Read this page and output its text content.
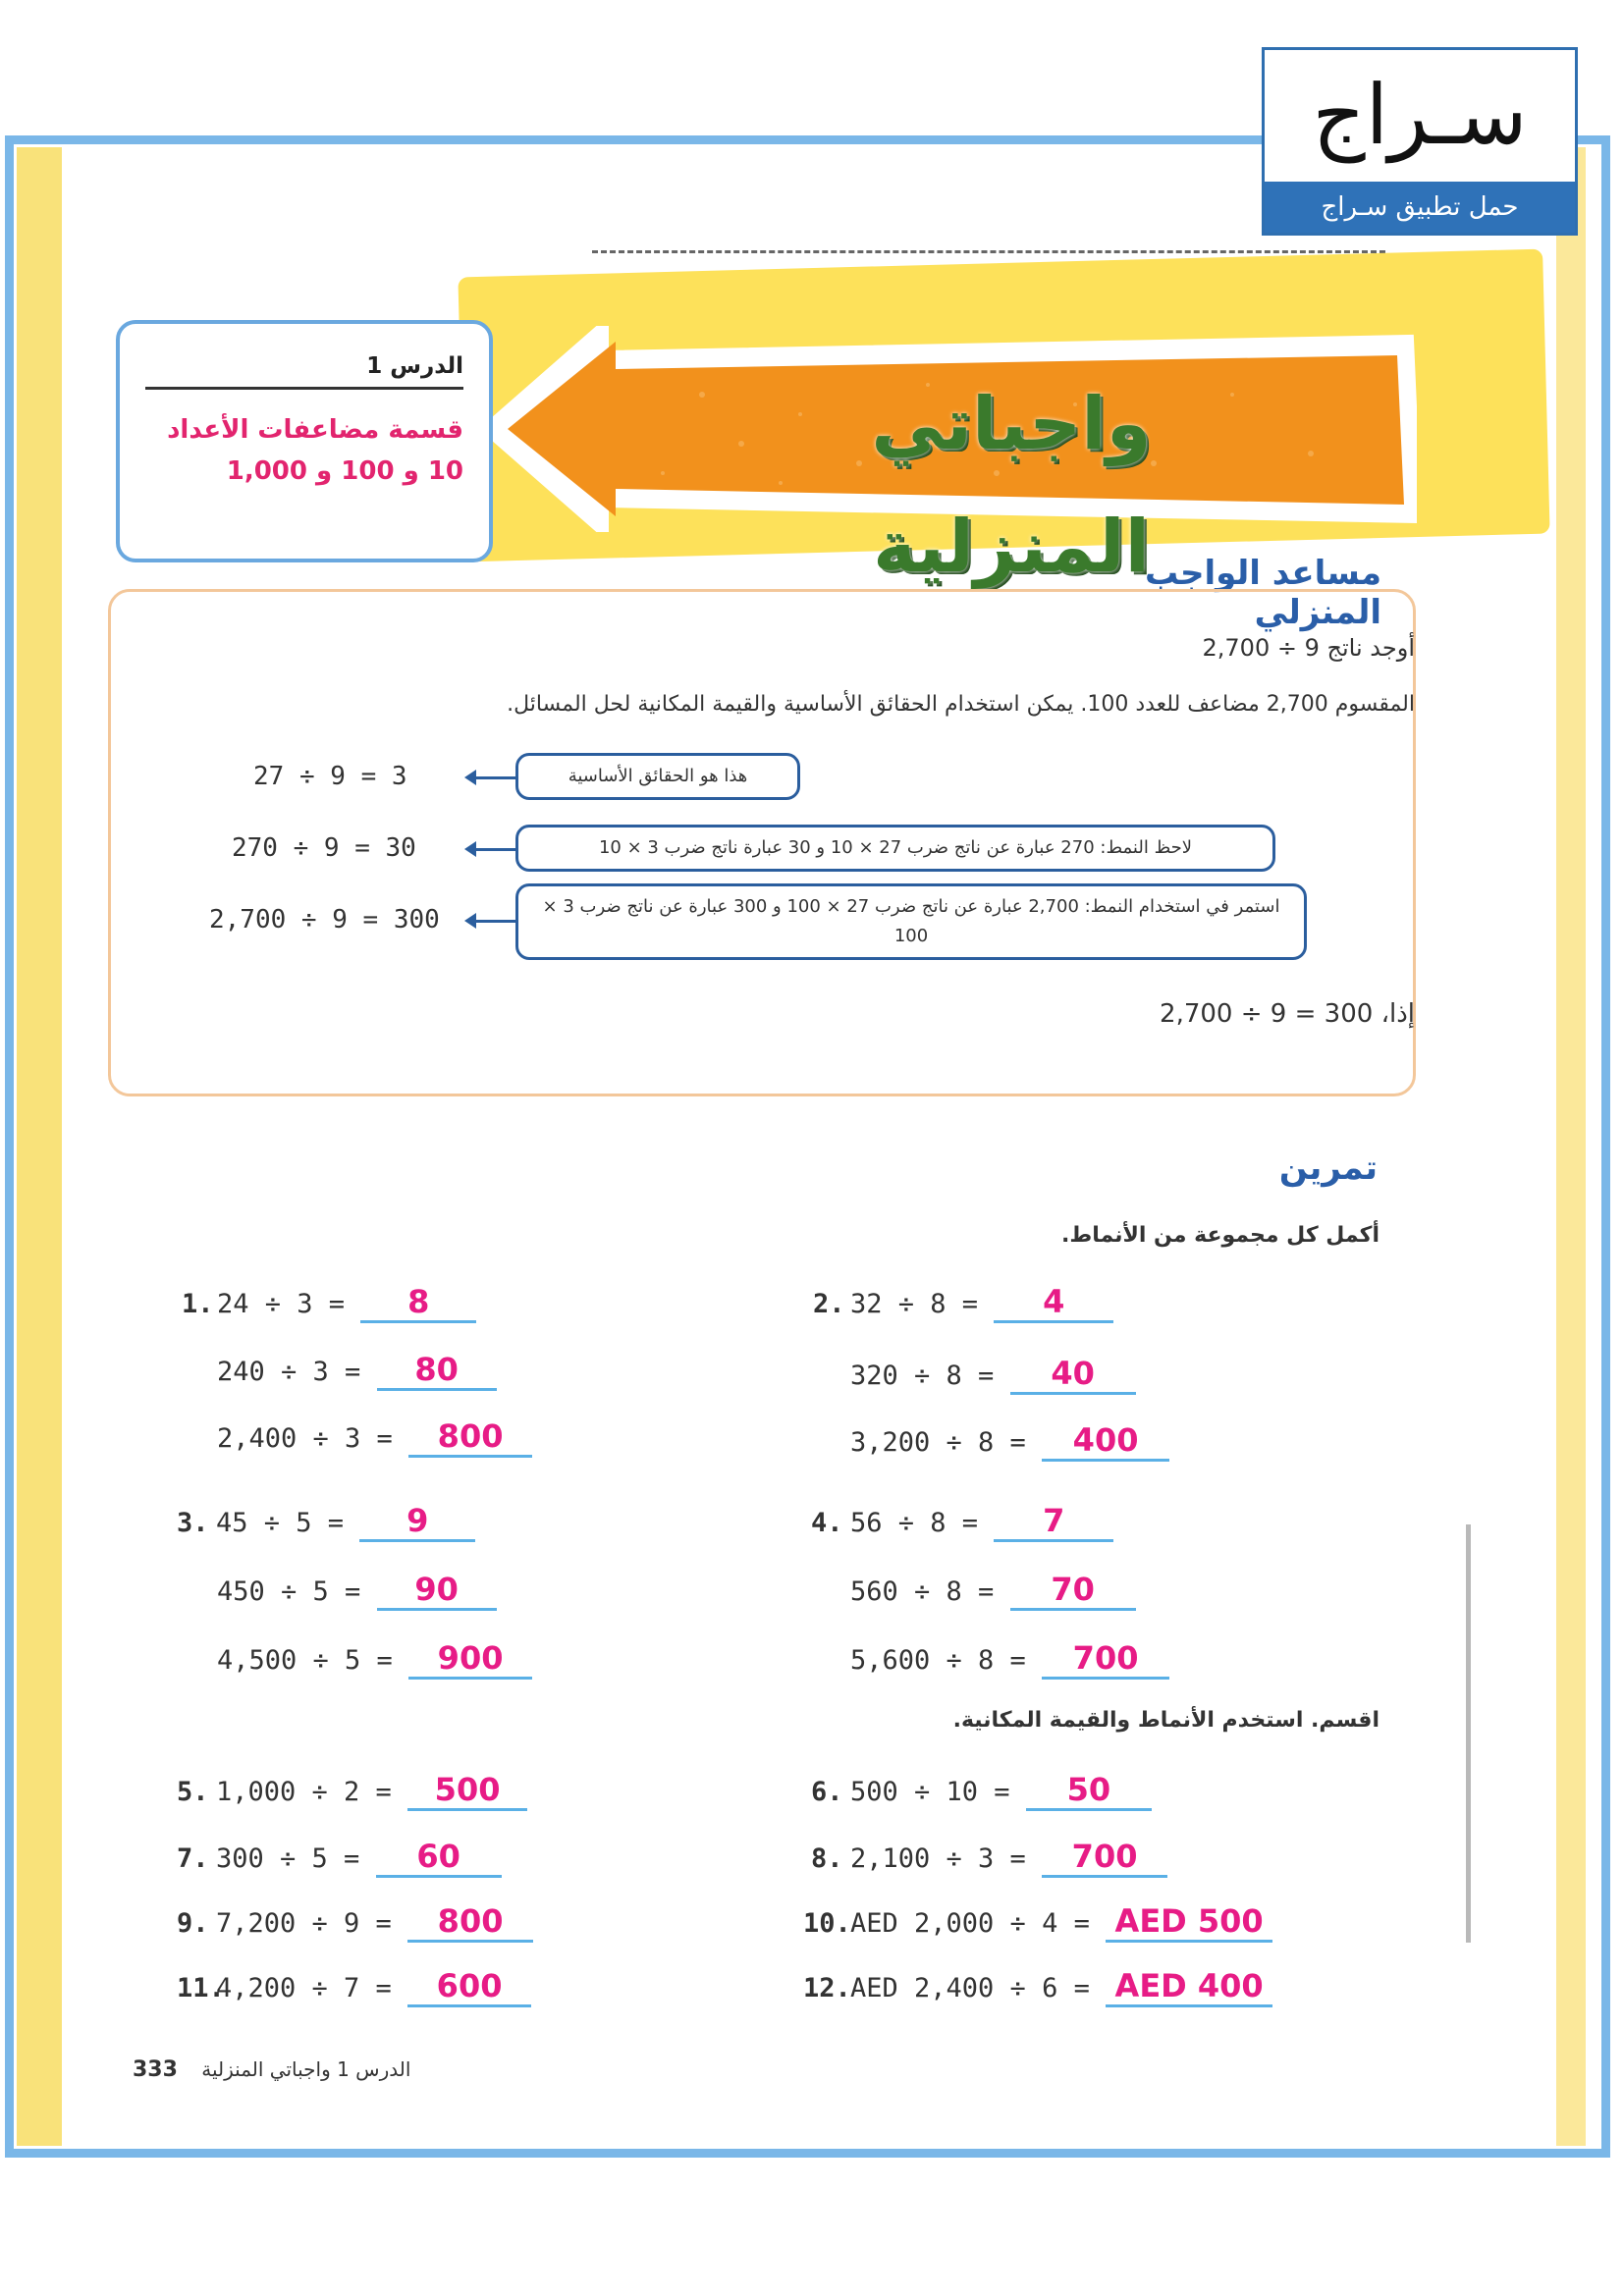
سـراج
حمل تطبيق سـراج
واجباتي المنزلية
الدرس 1
قسمة مضاعفات الأعداد
10 و 100 و 1,000
مساعد الواجب المنزلي
أوجد ناتج 9 ÷ 2,700
المقسوم 2,700 مضاعف للعدد 100. يمكن استخدام الحقائق الأساسية والقيمة المكانية لحل المسائل.
27 ÷ 9 = 3	هذا هو الحقائق الأساسية
270 ÷ 9 = 30	لاحظ النمط: 270 عبارة عن ناتج ضرب 27 × 10 و 30 عبارة ناتج ضرب 3 × 10
2,700 ÷ 9 = 300	استمر في استخدام النمط: 2,700 عبارة عن ناتج ضرب 27 × 100 و 300 عبارة عن ناتج ضرب 3 × 100
إذا، 300 = 9 ÷ 2,700
تمرين
أكمل كل مجموعة من الأنماط.
1. 24 ÷ 3 = 8
240 ÷ 3 = 80
2,400 ÷ 3 = 800
2. 32 ÷ 8 = 4
320 ÷ 8 = 40
3,200 ÷ 8 = 400
3. 45 ÷ 5 = 9
450 ÷ 5 = 90
4,500 ÷ 5 = 900
4. 56 ÷ 8 = 7
560 ÷ 8 = 70
5,600 ÷ 8 = 700
اقسم. استخدم الأنماط والقيمة المكانية.
5. 1,000 ÷ 2 = 500	6. 500 ÷ 10 = 50
7. 300 ÷ 5 = 60	8. 2,100 ÷ 3 = 700
9. 7,200 ÷ 9 = 800	10.AED 2,000 ÷ 4 = AED 500
11.4,200 ÷ 7 = 600	12.AED 2,400 ÷ 6 = AED 400
333 الدرس 1 واجباتي المنزلية
